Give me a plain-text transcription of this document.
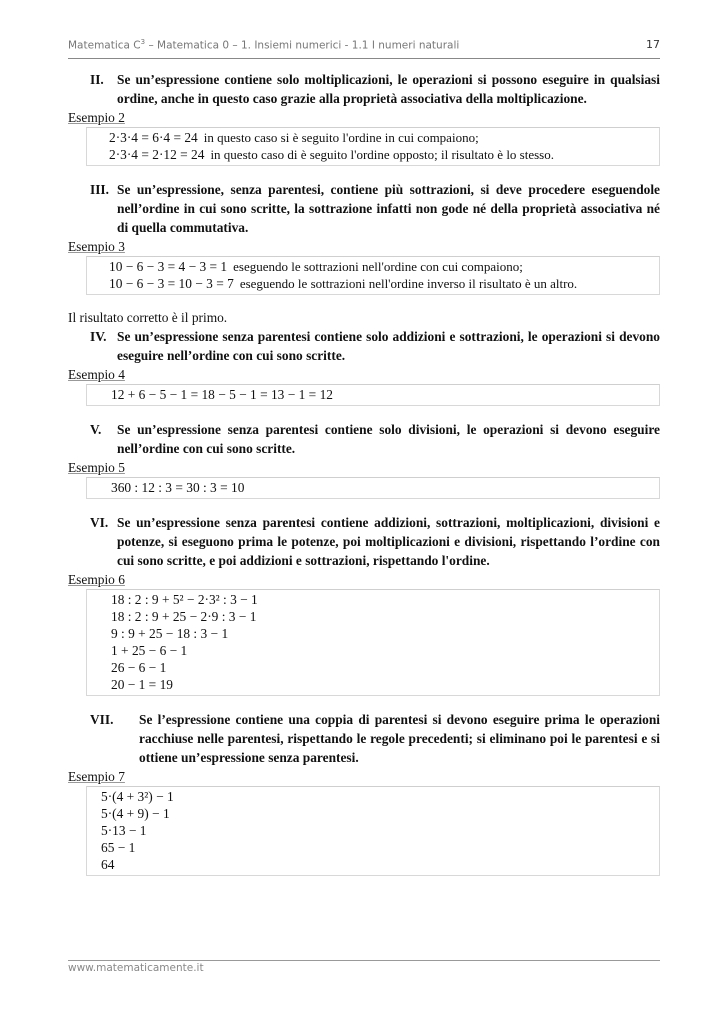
Matematica $C^3$ – Matematica 0 – 1. Insiemi numerici - 1.1 I numeri naturali	17
II. Se un’espressione contiene solo moltiplicazioni, le operazioni si possono eseguire in qualsiasi ordine, anche in questo caso grazie alla proprietà associativa della moltiplicazione.
Esempio 2
2·3·4 = 6·4 = 24 in questo caso si è seguito l'ordine in cui compaiono;
2·3·4 = 2·12 = 24 in questo caso di è seguito l'ordine opposto; il risultato è lo stesso.
III. Se un’espressione, senza parentesi, contiene più sottrazioni, si deve procedere eseguendole nell’ordine in cui sono scritte, la sottrazione infatti non gode né della proprietà associativa né di quella commutativa.
Esempio 3
10 − 6 − 3 = 4 − 3 = 1 eseguendo le sottrazioni nell'ordine con cui compaiono;
10 − 6 − 3 = 10 − 3 = 7 eseguendo le sottrazioni nell'ordine inverso il risultato è un altro.
Il risultato corretto è il primo.
IV. Se un’espressione senza parentesi contiene solo addizioni e sottrazioni, le operazioni si devono eseguire nell’ordine con cui sono scritte.
Esempio 4
12 + 6 − 5 − 1 = 18 − 5 − 1 = 13 − 1 = 12
V.	Se un’espressione senza parentesi contiene solo divisioni, le operazioni si devono eseguire nell’ordine con cui sono scritte.
Esempio 5
360 : 12 : 3 = 30 : 3 = 10
VI. Se un’espressione senza parentesi contiene addizioni, sottrazioni, moltiplicazioni, divisioni e potenze, si eseguono prima le potenze, poi moltiplicazioni e divisioni, rispettando l’ordine con cui sono scritte, e poi addizioni e sottrazioni, rispettando l'ordine.
Esempio 6
18 : 2 : 9 + 5² − 2·3² : 3 − 1
18 : 2 : 9 + 25 − 2·9 : 3 − 1
9 : 9 + 25 − 18 : 3 − 1
1 + 25 − 6 − 1
26 − 6 − 1
20 − 1 = 19
VII.	Se l’espressione contiene una coppia di parentesi si devono eseguire prima le operazioni racchiuse nelle parentesi, rispettando le regole precedenti; si eliminano poi le parentesi e si ottiene un’espressione senza parentesi.
Esempio 7
5·(4 + 3²) − 1
5·(4 + 9) − 1
5·13 − 1
65 − 1
64
www.matematicamente.it
